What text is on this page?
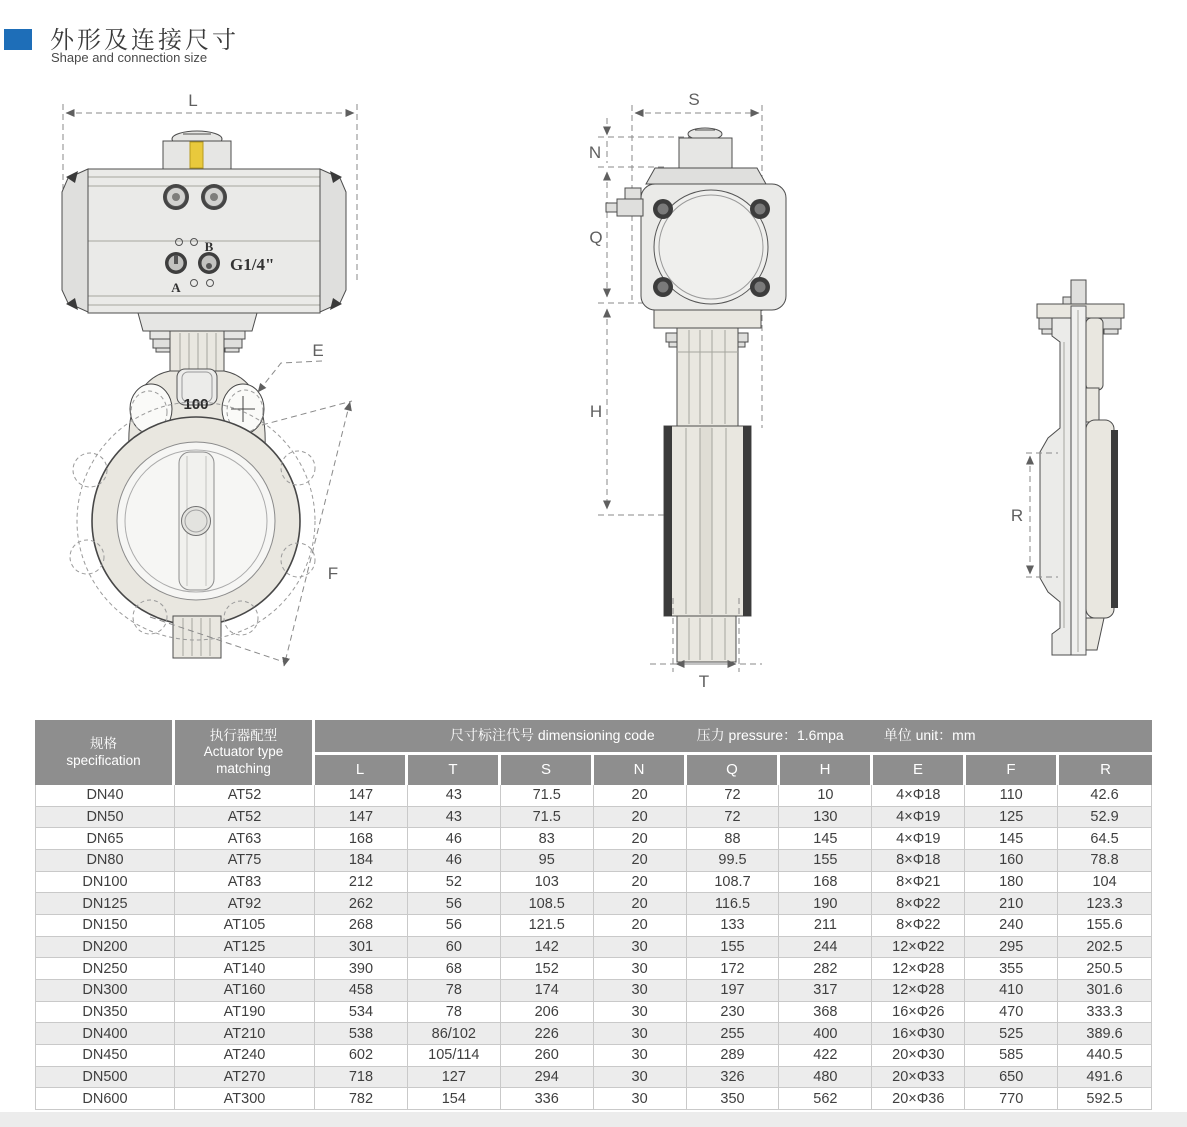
外形及连接尺寸
Shape and connection size
L
B
A
G1/4"
100
E
F
S
N
Q
H
T
R
规格
specification
执行器配型
Actuator type matching
尺寸标注代号 dimensioning code	压力 pressure：1.6mpa	单位 unit：mm
L	T	S	N	Q	H	E	F	R
DN40	AT52	147	43	71.5	20	72	10	4×Φ18	110	42.6
DN50	AT52	147	43	71.5	20	72	130	4×Φ19	125	52.9
DN65	AT63	168	46	83	20	88	145	4×Φ19	145	64.5
DN80	AT75	184	46	95	20	99.5	155	8×Φ18	160	78.8
DN100	AT83	212	52	103	20	108.7	168	8×Φ21	180	104
DN125	AT92	262	56	108.5	20	116.5	190	8×Φ22	210	123.3
DN150	AT105	268	56	121.5	20	133	211	8×Φ22	240	155.6
DN200	AT125	301	60	142	30	155	244	12×Φ22	295	202.5
DN250	AT140	390	68	152	30	172	282	12×Φ28	355	250.5
DN300	AT160	458	78	174	30	197	317	12×Φ28	410	301.6
DN350	AT190	534	78	206	30	230	368	16×Φ26	470	333.3
DN400	AT210	538	86/102	226	30	255	400	16×Φ30	525	389.6
DN450	AT240	602	105/114	260	30	289	422	20×Φ30	585	440.5
DN500	AT270	718	127	294	30	326	480	20×Φ33	650	491.6
DN600	AT300	782	154	336	30	350	562	20×Φ36	770	592.5
